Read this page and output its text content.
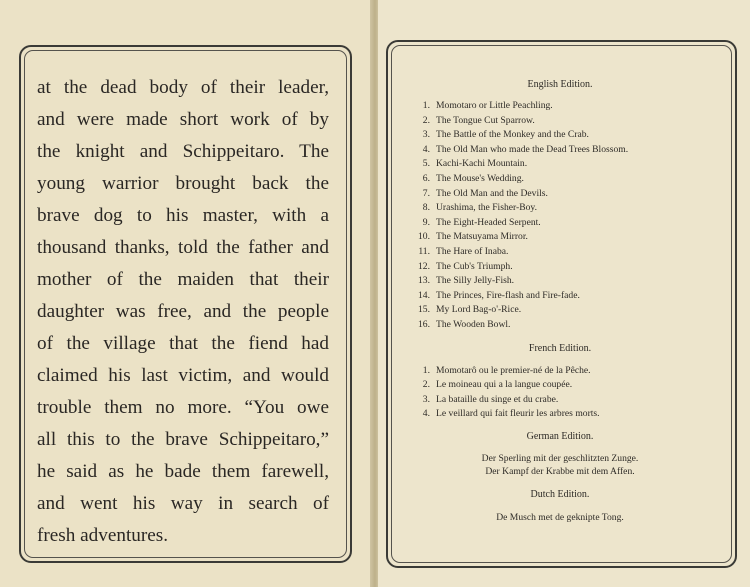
at the dead body of their leader,
and were made short work of by
the knight and Schippeitaro. The
young warrior brought back the
brave dog to his master, with a
thousand thanks, told the father and
mother of the maiden that their
daughter was free, and the people
of the village that the fiend had
claimed his last victim, and would
trouble them no more. “You owe
all this to the brave Schippeitaro,”
he said as he bade them farewell,
and went his way in search of
fresh adventures.

English Edition.

1. Momotaro or Little Peachling.
2. The Tongue Cut Sparrow.
3. The Battle of the Monkey and the Crab.
4. The Old Man who made the Dead Trees Blossom.
5. Kachi-Kachi Mountain.
6. The Mouse's Wedding.
7. The Old Man and the Devils.
8. Urashima, the Fisher-Boy.
9. The Eight-Headed Serpent.
10. The Matsuyama Mirror.
11. The Hare of Inaba.
12. The Cub's Triumph.
13. The Silly Jelly-Fish.
14. The Princes, Fire-flash and Fire-fade.
15. My Lord Bag-o'-Rice.
16. The Wooden Bowl.

French Edition.

1. Momotarô ou le premier-né de la Pêche.
2. Le moineau qui a la langue coupée.
3. La bataille du singe et du crabe.
4. Le veillard qui fait fleurir les arbres morts.

German Edition.

Der Sperling mit der geschlitzten Zunge.
Der Kampf der Krabbe mit dem Affen.

Dutch Edition.

De Musch met de geknipte Tong.
